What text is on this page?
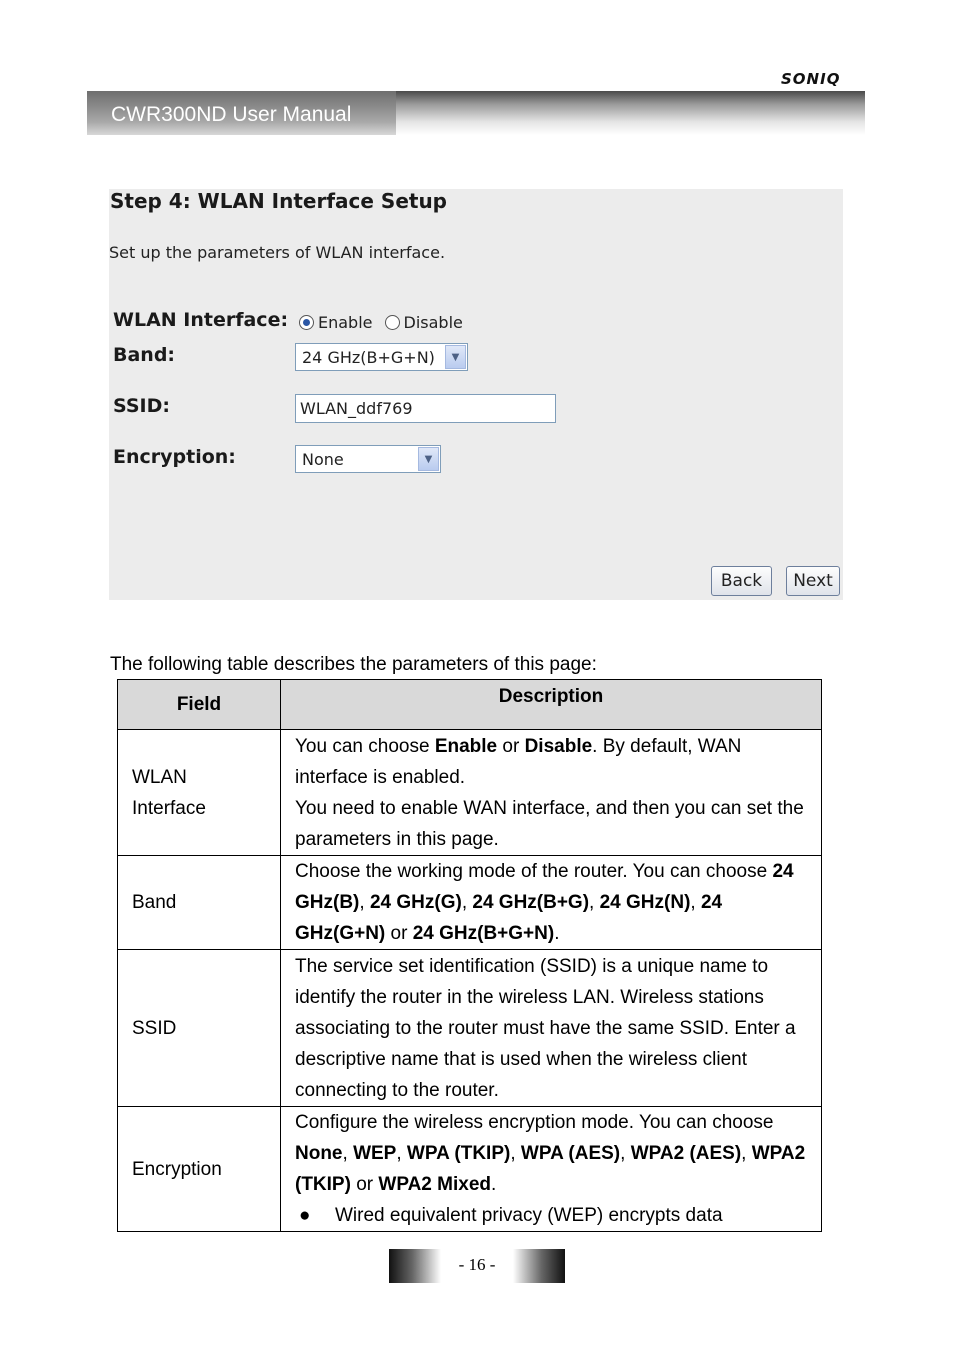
SONIQ
CWR300ND User Manual
Step 4: WLAN Interface Setup
Set up the parameters of WLAN interface.
WLAN Interface: Enable Disable
Band:	24 GHz(B+G+N)	▼
SSID:	WLAN_ddf769
Encryption:	None	▼
Back	Next
The following table describes the parameters of this page:
Field	Description
WLAN
Interface	You can choose Enable or Disable. By default, WAN interface is enabled.
You need to enable WAN interface, and then you can set the parameters in this page.
Band	Choose the working mode of the router. You can choose 24 GHz(B), 24 GHz(G), 24 GHz(B+G), 24 GHz(N), 24 GHz(G+N) or 24 GHz(B+G+N).
SSID	The service set identification (SSID) is a unique name to identify the router in the wireless LAN. Wireless stations associating to the router must have the same SSID. Enter a descriptive name that is used when the wireless client connecting to the router.
Encryption	Configure the wireless encryption mode. You can choose None, WEP, WPA (TKIP), WPA (AES), WPA2 (AES), WPA2 (TKIP) or WPA2 Mixed.

● Wired equivalent privacy (WEP) encrypts data
- 16 -
